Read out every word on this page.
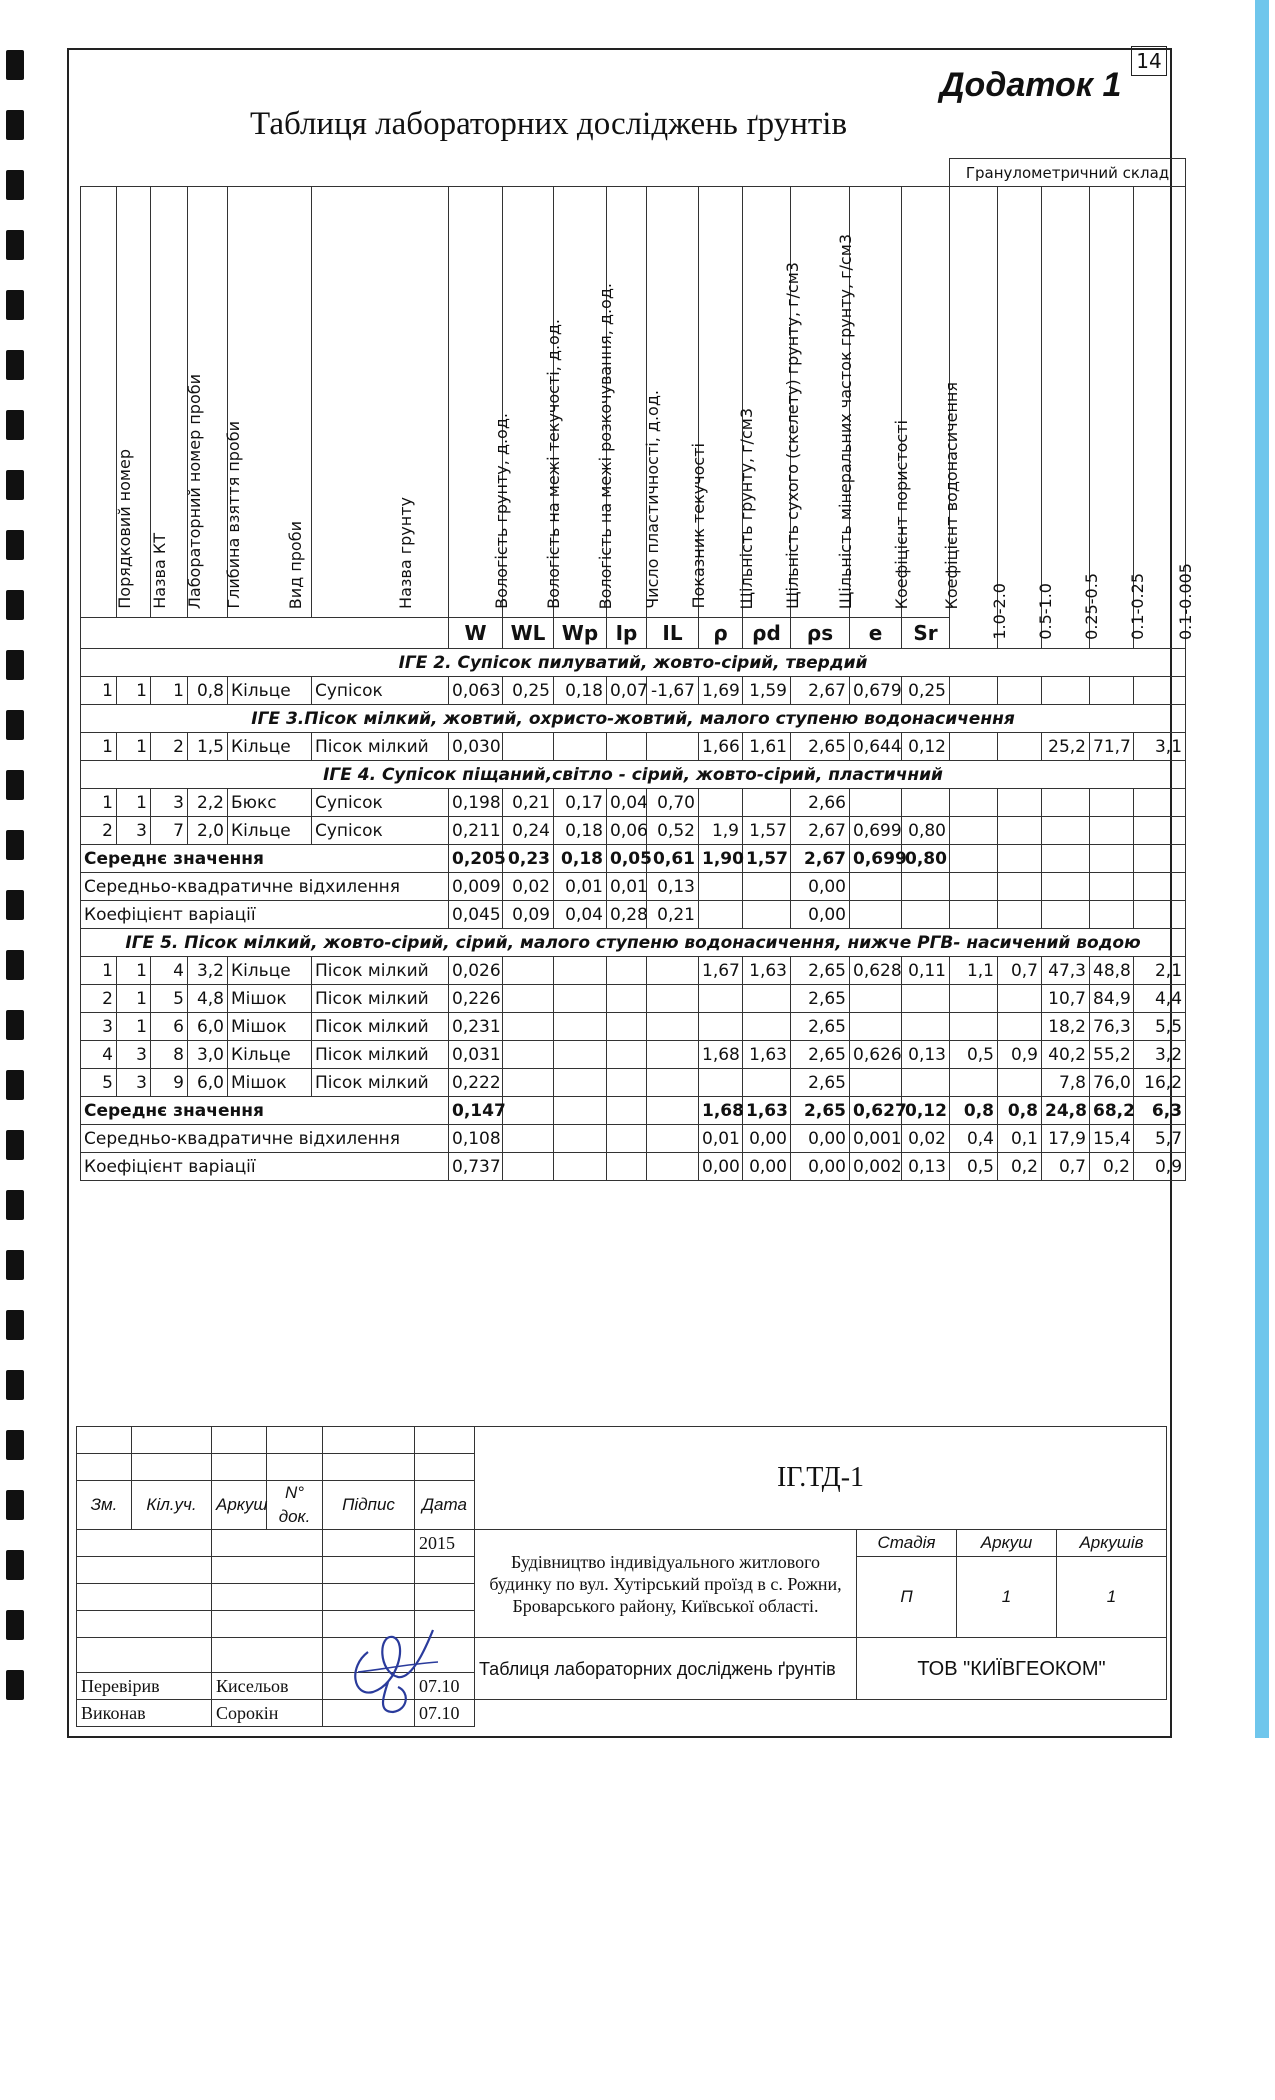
14
Додаток 1
Таблиця лабораторних досліджень ґрунтів
																Гранулометричний склад				

Порядковий номер	Назва КТ	Лабораторний номер проби	Глибина взяття проби	Вид проби	Назва грунту	Вологість грунту, д.од.	Вологість на межі текучості, д.од.	Вологість на межі розкочування, д.од.	Число пластичності, д.од.	Показник текучості	Щільність грунту, г/см3	Щільність сухого (скелету) грунту, г/см3	Щільність мінеральних часток грунту, г/см3	Коефіцієнт пористості	Коефіцієнт водонасичення	1.0-2.0	0.5-1.0	0.25-0.5	0.1-0.25	0.1-0.005

						W	WL	Wp	Ip	IL	ρ	ρd	ρs	e	Sr					
ІГЕ 2. Супісок пилуватий, жовто-сірий, твердий																				
1	1	1	0,8	Кільце	Супісок	0,063	0,25	0,18	0,07	-1,67	1,69	1,59	2,67	0,679	0,25					
ІГЕ 3.Пісок мілкий, жовтий, охристо-жовтий, малого ступеню водонасичення																				
1	1	2	1,5	Кільце	Пісок мілкий	0,030					1,66	1,61	2,65	0,644	0,12			25,2	71,7	3,1
ІГЕ 4. Супісок піщаний,світло - сірий, жовто-сірий, пластичний																				
1	1	3	2,2	Бюкс	Супісок	0,198	0,21	0,17	0,04	0,70			2,66							
2	3	7	2,0	Кільце	Супісок	0,211	0,24	0,18	0,06	0,52	1,9	1,57	2,67	0,699	0,80					
Середнє значення						0,205	0,23	0,18	0,05	0,61	1,90	1,57	2,67	0,699	0,80					
Середньо-квадратичне відхилення						0,009	0,02	0,01	0,01	0,13			0,00							
Коефіцієнт варіації						0,045	0,09	0,04	0,28	0,21			0,00							
ІГЕ 5. Пісок мілкий, жовто-сірий, сірий, малого ступеню водонасичення, нижче РГВ- насичений водою																				
1	1	4	3,2	Кільце	Пісок мілкий	0,026					1,67	1,63	2,65	0,628	0,11	1,1	0,7	47,3	48,8	2,1
2	1	5	4,8	Мішок	Пісок мілкий	0,226							2,65					10,7	84,9	4,4
3	1	6	6,0	Мішок	Пісок мілкий	0,231							2,65					18,2	76,3	5,5
4	3	8	3,0	Кільце	Пісок мілкий	0,031					1,68	1,63	2,65	0,626	0,13	0,5	0,9	40,2	55,2	3,2
5	3	9	6,0	Мішок	Пісок мілкий	0,222							2,65					7,8	76,0	16,2
Середнє значення						0,147					1,68	1,63	2,65	0,627	0,12	0,8	0,8	24,8	68,2	6,3
Середньо-квадратичне відхилення						0,108					0,01	0,00	0,00	0,001	0,02	0,4	0,1	17,9	15,4	5,7
Коефіцієнт варіації						0,737					0,00	0,00	0,00	0,002	0,13	0,5	0,2	0,7	0,2	0,9
						ІГ.ТД-1			

Зм.	Кіл.уч.	Аркуш	N° док.	Підпис	Дата				
					2015	Будівництво індивідуального житлового будинку по вул. Хутірський проїзд в с. Рожни, Броварського району, Київської області.	Стадія	Аркуш	Аркушів
							П	1	1

						Таблиця лабораторних досліджень ґрунтів	ТОВ "КИЇВГЕОКОМ"		
Перевірив		Кисельов			07.10				
Виконав		Сорокін			07.10				
